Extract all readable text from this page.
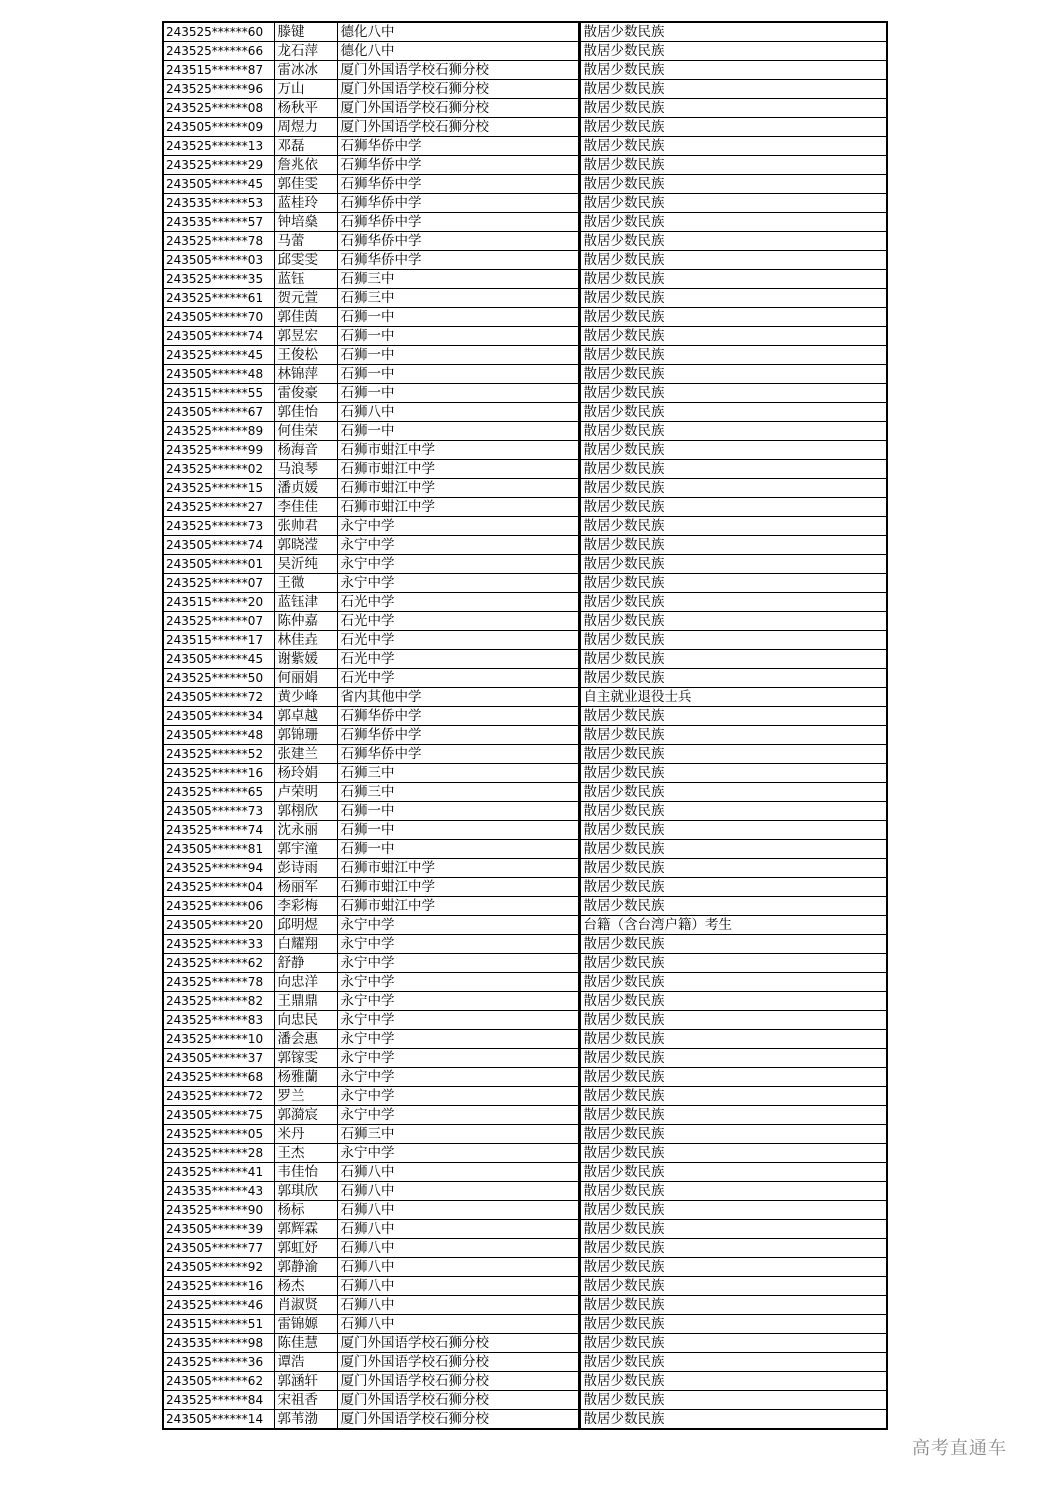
243525******60	滕键	德化八中	散居少数民族
243525******66	龙石萍	德化八中	散居少数民族
243515******87	雷冰冰	厦门外国语学校石狮分校	散居少数民族
243525******96	万山	厦门外国语学校石狮分校	散居少数民族
243525******08	杨秋平	厦门外国语学校石狮分校	散居少数民族
243505******09	周煜力	厦门外国语学校石狮分校	散居少数民族
243525******13	邓磊	石狮华侨中学	散居少数民族
243525******29	詹兆依	石狮华侨中学	散居少数民族
243505******45	郭佳雯	石狮华侨中学	散居少数民族
243535******53	蓝桂玲	石狮华侨中学	散居少数民族
243535******57	钟培燊	石狮华侨中学	散居少数民族
243525******78	马蕾	石狮华侨中学	散居少数民族
243505******03	邱雯雯	石狮华侨中学	散居少数民族
243525******35	蓝钰	石狮三中	散居少数民族
243525******61	贺元萱	石狮三中	散居少数民族
243505******70	郭佳茵	石狮一中	散居少数民族
243505******74	郭昱宏	石狮一中	散居少数民族
243525******45	王俊松	石狮一中	散居少数民族
243505******48	林锦萍	石狮一中	散居少数民族
243515******55	雷俊豪	石狮一中	散居少数民族
243505******67	郭佳怡	石狮八中	散居少数民族
243525******89	何佳荣	石狮一中	散居少数民族
243525******99	杨海音	石狮市蚶江中学	散居少数民族
243525******02	马浪琴	石狮市蚶江中学	散居少数民族
243525******15	潘贞媛	石狮市蚶江中学	散居少数民族
243525******27	李佳佳	石狮市蚶江中学	散居少数民族
243525******73	张帅君	永宁中学	散居少数民族
243505******74	郭晓滢	永宁中学	散居少数民族
243505******01	吴沂纯	永宁中学	散居少数民族
243525******07	王微	永宁中学	散居少数民族
243515******20	蓝钰津	石光中学	散居少数民族
243525******07	陈仲嘉	石光中学	散居少数民族
243515******17	林佳垚	石光中学	散居少数民族
243505******45	谢紫媛	石光中学	散居少数民族
243525******50	何丽娟	石光中学	散居少数民族
243505******72	黄少峰	省内其他中学	自主就业退役士兵
243505******34	郭卓越	石狮华侨中学	散居少数民族
243505******48	郭锦珊	石狮华侨中学	散居少数民族
243525******52	张建兰	石狮华侨中学	散居少数民族
243525******16	杨玲娟	石狮三中	散居少数民族
243525******65	卢荣明	石狮三中	散居少数民族
243505******73	郭栩欣	石狮一中	散居少数民族
243525******74	沈永丽	石狮一中	散居少数民族
243505******81	郭宇潼	石狮一中	散居少数民族
243525******94	彭诗雨	石狮市蚶江中学	散居少数民族
243525******04	杨丽军	石狮市蚶江中学	散居少数民族
243525******06	李彩梅	石狮市蚶江中学	散居少数民族
243505******20	邱明煜	永宁中学	台籍（含台湾户籍）考生
243525******33	白耀翔	永宁中学	散居少数民族
243525******62	舒静	永宁中学	散居少数民族
243525******78	向忠洋	永宁中学	散居少数民族
243525******82	王鼎鼎	永宁中学	散居少数民族
243525******83	向忠民	永宁中学	散居少数民族
243525******10	潘会惠	永宁中学	散居少数民族
243505******37	郭镓雯	永宁中学	散居少数民族
243525******68	杨雅蘭	永宁中学	散居少数民族
243525******72	罗兰	永宁中学	散居少数民族
243505******75	郭漪宸	永宁中学	散居少数民族
243525******05	米丹	石狮三中	散居少数民族
243525******28	王杰	永宁中学	散居少数民族
243525******41	韦佳怡	石狮八中	散居少数民族
243535******43	郭琪欣	石狮八中	散居少数民族
243525******90	杨标	石狮八中	散居少数民族
243505******39	郭辉霖	石狮八中	散居少数民族
243505******77	郭虹妤	石狮八中	散居少数民族
243505******92	郭静渝	石狮八中	散居少数民族
243525******16	杨杰	石狮八中	散居少数民族
243525******46	肖淑贤	石狮八中	散居少数民族
243515******51	雷锦嫄	石狮八中	散居少数民族
243535******98	陈佳慧	厦门外国语学校石狮分校	散居少数民族
243525******36	谭浩	厦门外国语学校石狮分校	散居少数民族
243505******62	郭涵轩	厦门外国语学校石狮分校	散居少数民族
243525******84	宋祖香	厦门外国语学校石狮分校	散居少数民族
243505******14	郭苇渤	厦门外国语学校石狮分校	散居少数民族
高考直通车
